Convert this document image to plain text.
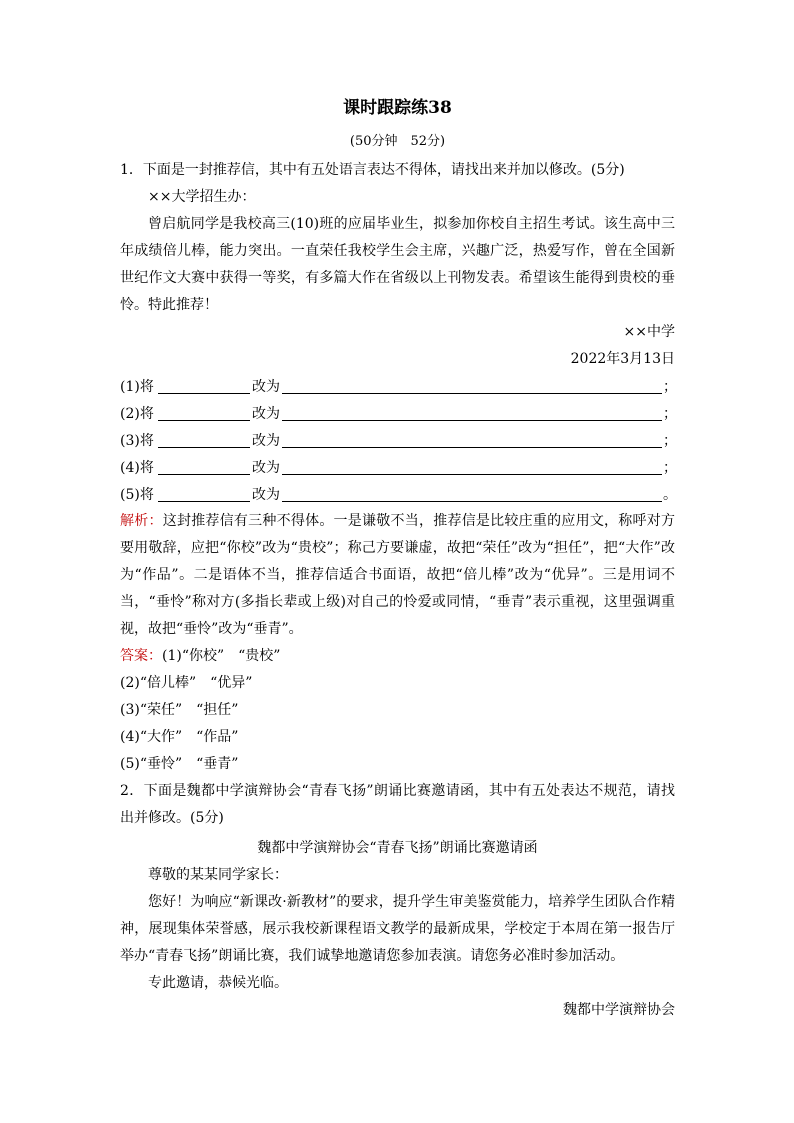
课时跟踪练38
(50分钟　52分)
1．下面是一封推荐信，其中有五处语言表达不得体，请找出来并加以修改。(5分)
××大学招生办：
曾启航同学是我校高三(10)班的应届毕业生，拟参加你校自主招生考试。该生高中三年成绩倍儿棒，能力突出。一直荣任我校学生会主席，兴趣广泛，热爱写作，曾在全国新世纪作文大赛中获得一等奖，有多篇大作在省级以上刊物发表。希望该生能得到贵校的垂怜。 特此推荐！
××中学
2022年3月13日
(1)将	改为	；
(2)将	改为	；
(3)将	改为	；
(4)将	改为	；
(5)将	改为	。
解析：这封推荐信有三种不得体。一是谦敬不当，推荐信是比较庄重的应用文，称呼对方要用敬辞，应把“你校”改为“贵校”；称己方要谦虚，故把“荣任”改为“担任”，把“大作”改为“作品”。二是语体不当，推荐信适合书面语，故把“倍儿棒”改为“优异”。三是用词不当，“垂怜”称对方(多指长辈或上级)对自己的怜爱或同情，“垂青”表示重视，这里强调重视，故把“垂怜”改为“垂青”。
答案：(1)“你校”　“贵校”
(2)“倍儿棒”　“优异”
(3)“荣任”　“担任”
(4)“大作”　“作品”
(5)“垂怜”　“垂青”
2．下面是魏都中学演辩协会“青春飞扬”朗诵比赛邀请函，其中有五处表达不规范，请找出并修改。(5分)
魏都中学演辩协会“青春飞扬”朗诵比赛邀请函
尊敬的某某同学家长：
您好！为响应“新课改·新教材”的要求，提升学生审美鉴赏能力，培养学生团队合作精神，展现集体荣誉感，展示我校新课程语文教学的最新成果，学校定于本周在第一报告厅举办“青春飞扬”朗诵比赛，我们诚挚地邀请您参加表演。请您务必准时参加活动。
专此邀请，恭候光临。
魏都中学演辩协会
